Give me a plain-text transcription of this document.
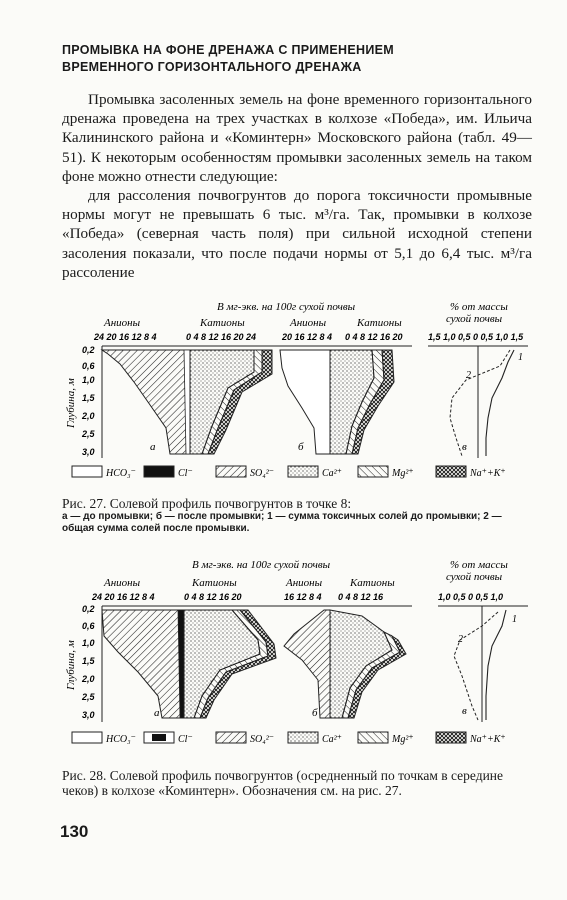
ПРОМЫВКА НА ФОНЕ ДРЕНАЖА С ПРИМЕНЕНИЕМ
ВРЕМЕННОГО ГОРИЗОНТАЛЬНОГО ДРЕНАЖА

Промывка засоленных земель на фоне временного горизонтального дренажа проведена на трех участках в колхозе «Победа», им. Ильича Калининского района и «Коминтерн» Московского района (табл. 49—51). К некоторым особенностям промывки засоленных земель на таком фоне можно отнести следующие:

для рассоления почвогрунтов до порога токсичности промывные нормы могут не превышать 6 тыс. м³/га. Так, промывки в колхозе «Победа» (северная часть поля) при сильной исходной степени засоления показали, что после подачи нормы от 5,1 до 6,4 тыс. м³/га рассоление

В мг-экв. на 100г сухой почвы	% от массы
сухой почвы
Анионы	Катионы
24 20 16 12 8 4	0 4 8 12 16 20 24
Анионы	Катионы
20 16 12 8 4 0 4 8 12 16 20	1,5 1,0 0,5 0 0,5 1,0 1,5
Глубина, м
0,2
0,6
1,0
1,5
2,0
2,5
3,0	а	б
1
2
в
HCO₃⁻	Cl⁻	SO₄²⁻	Ca²⁺	Mg²⁺	Na⁺+K⁺
Рис. 27. Солевой профиль почвогрунтов в точке 8:
а — до промывки; б — после промывки; 1 — сумма токсичных солей до промывки; 2 — общая сумма солей после промывки.
В мг-экв. на 100г сухой почвы	% от массы
сухой почвы
Анионы	Катионы
24 20 16 12 8 4	0 4 8 12 16 20
Анионы	Катионы
16 12 8 4 0 4 8 12 16	1,0 0,5 0 0,5 1,0
Глубина, м
0,2
0,6
1,0
1,5
2,0
2,5
3,0	а	б
1
2
в
HCO₃⁻	Cl⁻	SO₄²⁻	Ca²⁺	Mg²⁺	Na⁺+K⁺
Рис. 28. Солевой профиль почвогрунтов (осредненный по точкам в середине чеков) в колхозе «Коминтерн». Обозначения см. на рис. 27.
130
